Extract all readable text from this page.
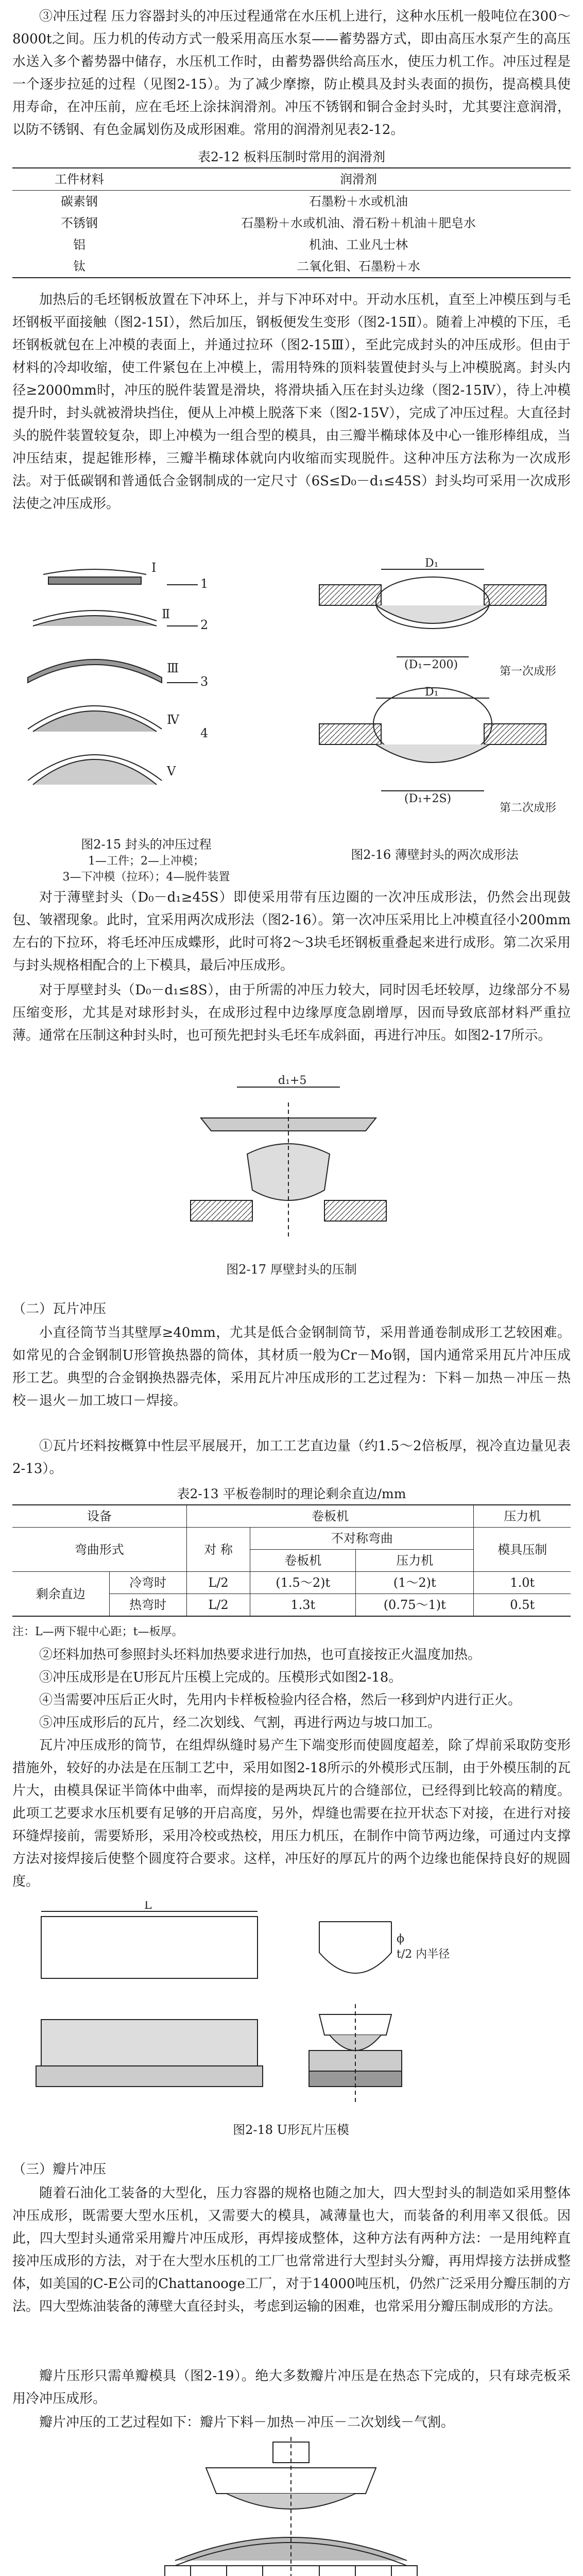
③冲压过程 压力容器封头的冲压过程通常在水压机上进行，这种水压机一般吨位在300～8000t之间。压力机的传动方式一般采用高压水泵——蓄势器方式，即由高压水泵产生的高压水送入多个蓄势器中储存，水压机工作时，由蓄势器供给高压水，使压力机工作。冲压过程是一个逐步拉延的过程（见图2-15）。为了减少摩擦，防止模具及封头表面的损伤，提高模具使用寿命，在冲压前，应在毛坯上涂抹润滑剂。冲压不锈钢和铜合金封头时，尤其要注意润滑，以防不锈钢、有色金属划伤及成形困难。常用的润滑剂见表2-12。

表2-12 板料压制时常用的润滑剂
工件材料	润滑剂
碳素钢	石墨粉＋水或机油
不锈钢	石墨粉＋水或机油、滑石粉＋机油＋肥皂水
铝	机油、工业凡士林
钛	二氧化钼、石墨粉＋水

加热后的毛坯钢板放置在下冲环上，并与下冲环对中。开动水压机，直至上冲模压到与毛坯钢板平面接触（图2-15Ⅰ），然后加压，钢板便发生变形（图2-15Ⅱ）。随着上冲模的下压，毛坯钢板就包在上冲模的表面上，并通过拉环（图2-15Ⅲ），至此完成封头的冲压成形。但由于材料的冷却收缩，使工件紧包在上冲模上，需用特殊的顶料装置使封头与上冲模脱离。封头内径≥2000mm时，冲压的脱件装置是滑块，将滑块插入压在封头边缘（图2-15Ⅳ），待上冲模提升时，封头就被滑块挡住，便从上冲模上脱落下来（图2-15Ⅴ），完成了冲压过程。大直径封头的脱件装置较复杂，即上冲模为一组合型的模具，由三瓣半椭球体及中心一锥形棒组成，当冲压结束，提起锥形棒，三瓣半椭球体就向内收缩而实现脱件。这种冲压方法称为一次成形法。对于低碳钢和普通低合金钢制成的一定尺寸（6S≤D₀－d₁≤45S）封头均可采用一次成形法使之冲压成形。

Ⅰ
Ⅱ
Ⅲ
Ⅳ
Ⅴ
1
2
3
4
图2-15 封头的冲压过程
1—工件；2—上冲模；
3—下冲模（拉环）；4—脱件装置
D₁
(D₁−200)
第一次成形
D₁
(D₁+2S)
第二次成形
图2-16 薄壁封头的两次成形法

对于薄壁封头（D₀－d₁≥45S）即使采用带有压边圈的一次冲压成形法，仍然会出现鼓包、皱褶现象。此时，宜采用两次成形法（图2-16）。第一次冲压采用比上冲模直径小200mm左右的下拉环，将毛坯冲压成蝶形，此时可将2～3块毛坯钢板重叠起来进行成形。第二次采用与封头规格相配合的上下模具，最后冲压成形。

对于厚壁封头（D₀－d₁≤8S），由于所需的冲压力较大，同时因毛坯较厚，边缘部分不易压缩变形，尤其是对球形封头，在成形过程中边缘厚度急剧增厚，因而导致底部材料严重拉薄。通常在压制这种封头时，也可预先把封头毛坯车成斜面，再进行冲压。如图2-17所示。

d₁+5
图2-17 厚壁封头的压制
（二）瓦片冲压

小直径筒节当其壁厚≥40mm，尤其是低合金钢制筒节，采用普通卷制成形工艺较困难。如常见的合金钢制U形管换热器的筒体，其材质一般为Cr－Mo钢，国内通常采用瓦片冲压成形工艺。典型的合金钢换热器壳体，采用瓦片冲压成形的工艺过程为：下料－加热－冲压－热校－退火－加工坡口－焊接。

①瓦片坯料按概算中性层平展展开，加工工艺直边量（约1.5～2倍板厚，视冷直边量见表2-13）。

表2-13 平板卷制时的理论剩余直边/mm
设备		卷板机			压力机
弯曲形式		对 称	不对称弯曲		模具压制
			卷板机	压力机	
剩余直边	冷弯时	L/2	(1.5～2)t	(1～2)t	1.0t
	热弯时	L/2	1.3t	(0.75～1)t	0.5t
注：L—两下辊中心距；t—板厚。

②坯料加热可参照封头坯料加热要求进行加热，也可直接按正火温度加热。

③冲压成形是在U形瓦片压模上完成的。压模形式如图2-18。

④当需要冲压后正火时，先用内卡样板检验内径合格，然后一移到炉内进行正火。

⑤冲压成形后的瓦片，经二次划线、气割，再进行两边与坡口加工。

瓦片冲压成形的筒节，在组焊纵缝时易产生下端变形而使圆度超差，除了焊前采取防变形措施外，较好的办法是在压制工艺中，采用如图2-18所示的外模形式压制，由于外模压制的瓦片大，由模具保证半筒体中曲率，而焊接的是两块瓦片的合缝部位，已经得到比较高的精度。此项工艺要求水压机要有足够的开启高度，另外，焊缝也需要在拉开状态下对接，在进行对接环缝焊接前，需要矫形，采用冷校或热校，用压力机压，在制作中筒节两边缘，可通过内支撑方法对接焊接后使整个圆度符合要求。这样，冲压好的厚瓦片的两个边缘也能保持良好的规圆度。

L
ϕ
t/2 内半径
图2-18 U形瓦片压模
（三）瓣片冲压

随着石油化工装备的大型化，压力容器的规格也随之加大，四大型封头的制造如采用整体冲压成形，既需要大型水压机，又需要大的模具，减薄量也大，而装备的利用率又很低。因此，四大型封头通常采用瓣片冲压成形，再焊接成整体，这种方法有两种方法：一是用纯粹直接冲压成形的方法，对于在大型水压机的工厂也常常进行大型封头分瓣，再用焊接方法拼成整体，如美国的C-E公司的Chattanooge工厂，对于14000吨压机，仍然广泛采用分瓣压制的方法。四大型炼油装备的薄壁大直径封头，考虑到运输的困难，也常采用分瓣压制成形的方法。

瓣片压形只需单瓣模具（图2-19）。绝大多数瓣片冲压是在热态下完成的，只有球壳板采用冷冲压成形。

瓣片冲压的工艺过程如下：瓣片下料－加热－冲压－二次划线－气割。
